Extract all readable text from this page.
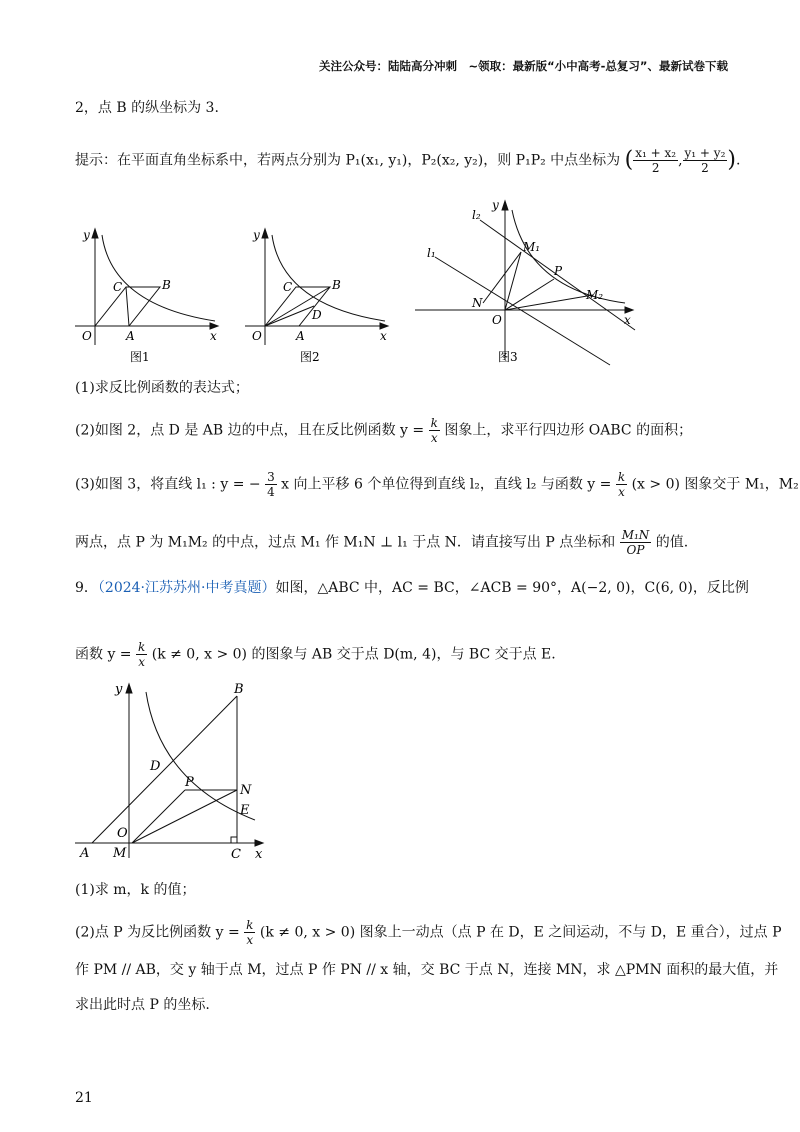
关注公众号：陆陆高分冲刺　~领取：最新版“小中高考-总复习”、最新试卷下载
2，点 B 的纵坐标为 3.
提示：在平面直角坐标系中，若两点分别为 P₁(x₁, y₁)，P₂(x₂, y₂)，则 P₁P₂ 中点坐标为 ( $\frac{\text{x₁ + x₂}}{2}$ , $\frac{\text{y₁ + y₂}}{2}$ ).
y
C	B
O	A	x
图1
y
C	B
D
O	A	x
图2
y
l₂
l₁	M₁
P
M₂
N
O	x
图3
(1)求反比例函数的表达式；
(2)如图 2，点 D 是 AB 边的中点，且在反比例函数 $y = \frac{k}{x}$ 图象上，求平行四边形 OABC 的面积；
(3)如图 3，将直线 l₁ : y = − $\frac{3}{4}$ x 向上平移 6 个单位得到直线 l₂，直线 l₂ 与函数 $y = \frac{k}{x} (x > 0)$ 图象交于 M₁，M₂
两点，点 P 为 M₁M₂ 的中点，过点 M₁ 作 M₁N ⊥ l₁ 于点 N．请直接写出 P 点坐标和 $\frac{\text{M₁N}}{OP}$ 的值.
9．（2024·江苏苏州·中考真题）如图，△ABC 中，AC = BC，∠ACB = 90°，A(−2, 0)，C(6, 0)，反比例
函数 $y = \frac{k}{x} (k \ne 0$, x > 0) 的图象与 AB 交于点 D(m, 4)，与 BC 交于点 E.
y	B
D
P
N
E
O
A M	C x
(1)求 m，k 的值；
(2)点 P 为反比例函数 $y = \frac{k}{x} (k \ne 0$, x > 0) 图象上一动点（点 P 在 D，E 之间运动，不与 D，E 重合），过点 P
作 PM // AB，交 y 轴于点 M，过点 P 作 PN // x 轴，交 BC 于点 N，连接 MN，求 △PMN 面积的最大值，并
求出此时点 P 的坐标.
21
